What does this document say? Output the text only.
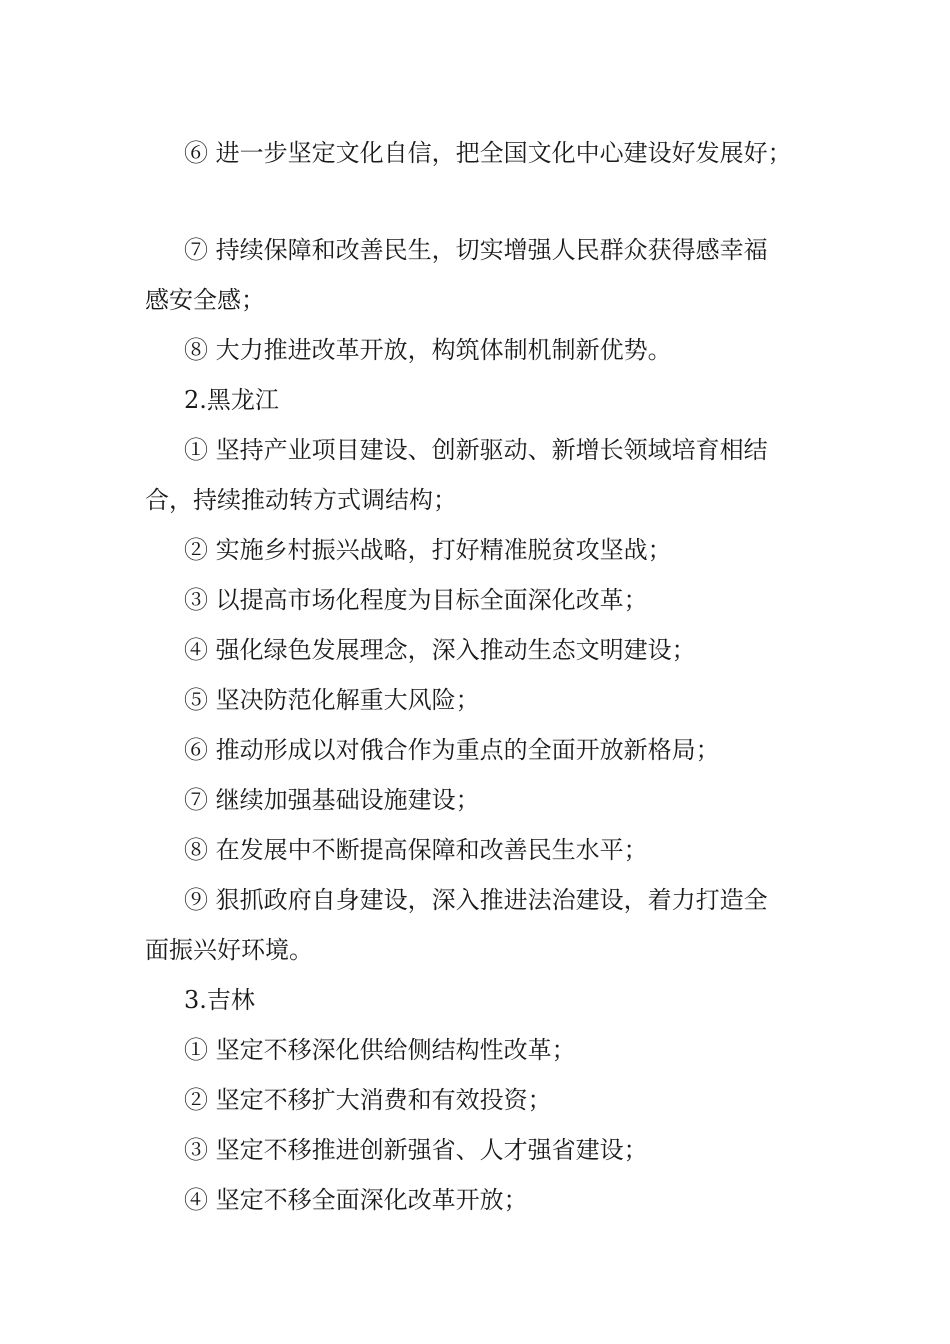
⑥ 进一步坚定文化自信，把全国文化中心建设好发展好；
⑦ 持续保障和改善民生，切实增强人民群众获得感幸福
感安全感；
⑧ 大力推进改革开放，构筑体制机制新优势。
2.黑龙江
① 坚持产业项目建设、创新驱动、新增长领域培育相结
合，持续推动转方式调结构；
② 实施乡村振兴战略，打好精准脱贫攻坚战；
③ 以提高市场化程度为目标全面深化改革；
④ 强化绿色发展理念，深入推动生态文明建设；
⑤ 坚决防范化解重大风险；
⑥ 推动形成以对俄合作为重点的全面开放新格局；
⑦ 继续加强基础设施建设；
⑧ 在发展中不断提高保障和改善民生水平；
⑨ 狠抓政府自身建设，深入推进法治建设，着力打造全
面振兴好环境。
3.吉林
① 坚定不移深化供给侧结构性改革；
② 坚定不移扩大消费和有效投资；
③ 坚定不移推进创新强省、人才强省建设；
④ 坚定不移全面深化改革开放；
